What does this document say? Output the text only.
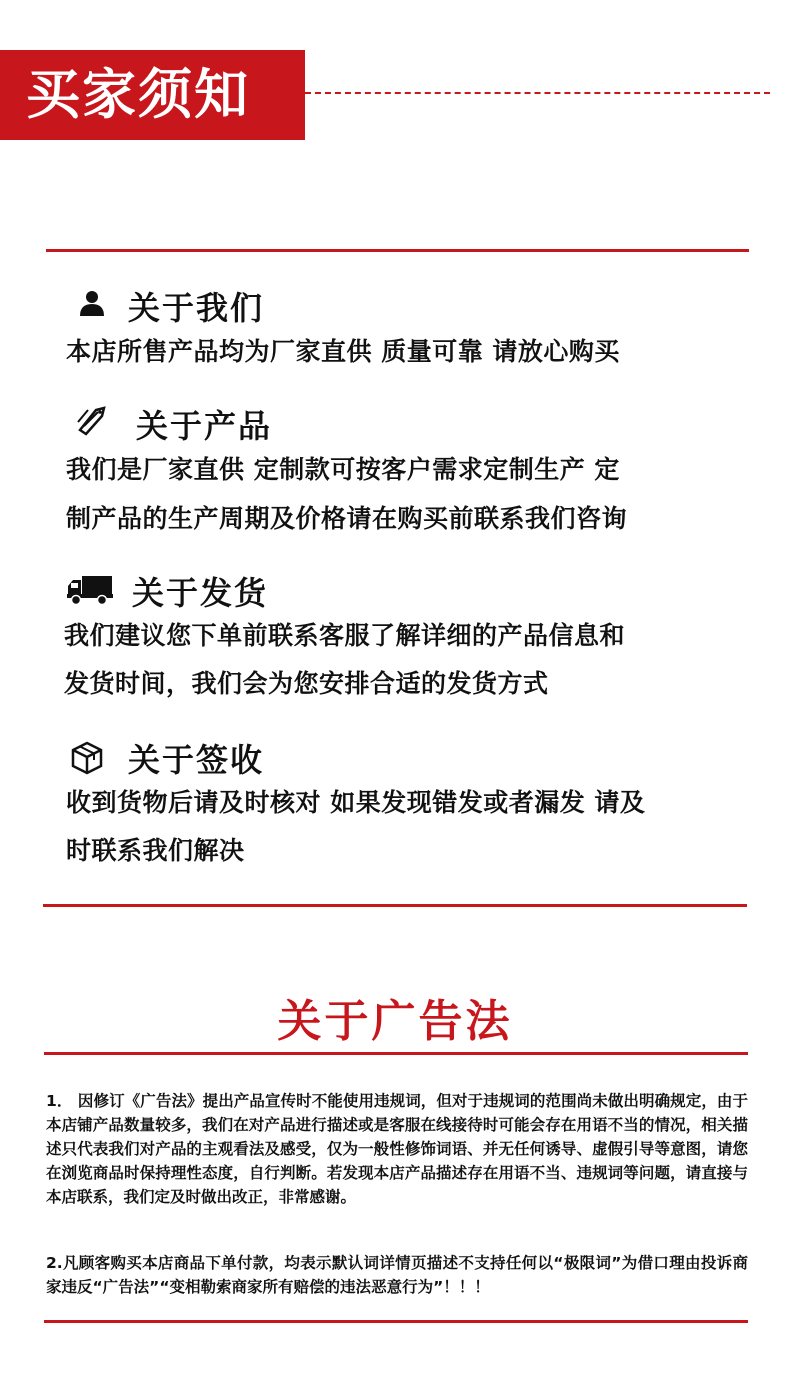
买家须知
关于我们
本店所售产品均为厂家直供 质量可靠 请放心购买
关于产品
我们是厂家直供 定制款可按客户需求定制生产 定
制产品的生产周期及价格请在购买前联系我们咨询
关于发货
我们建议您下单前联系客服了解详细的产品信息和
发货时间，我们会为您安排合适的发货方式
关于签收
收到货物后请及时核对 如果发现错发或者漏发 请及
时联系我们解决
关于广告法
1． 因修订《广告法》提出产品宣传时不能使用违规词，但对于违规词的范围尚未做出明确规定，由于本店铺产品数量较多，我们在对产品进行描述或是客服在线接待时可能会存在用语不当的情况，相关描述只代表我们对产品的主观看法及感受，仅为一般性修饰词语、并无任何诱导、虚假引导等意图，请您在浏览商品时保持理性态度，自行判断。若发现本店产品描述存在用语不当、违规词等问题，请直接与本店联系，我们定及时做出改正，非常感谢。
2.凡顾客购买本店商品下单付款，均表示默认词详情页描述不支持任何以“极限词”为借口理由投诉商家违反“广告法”“变相勒索商家所有赔偿的违法恶意行为”！！！
